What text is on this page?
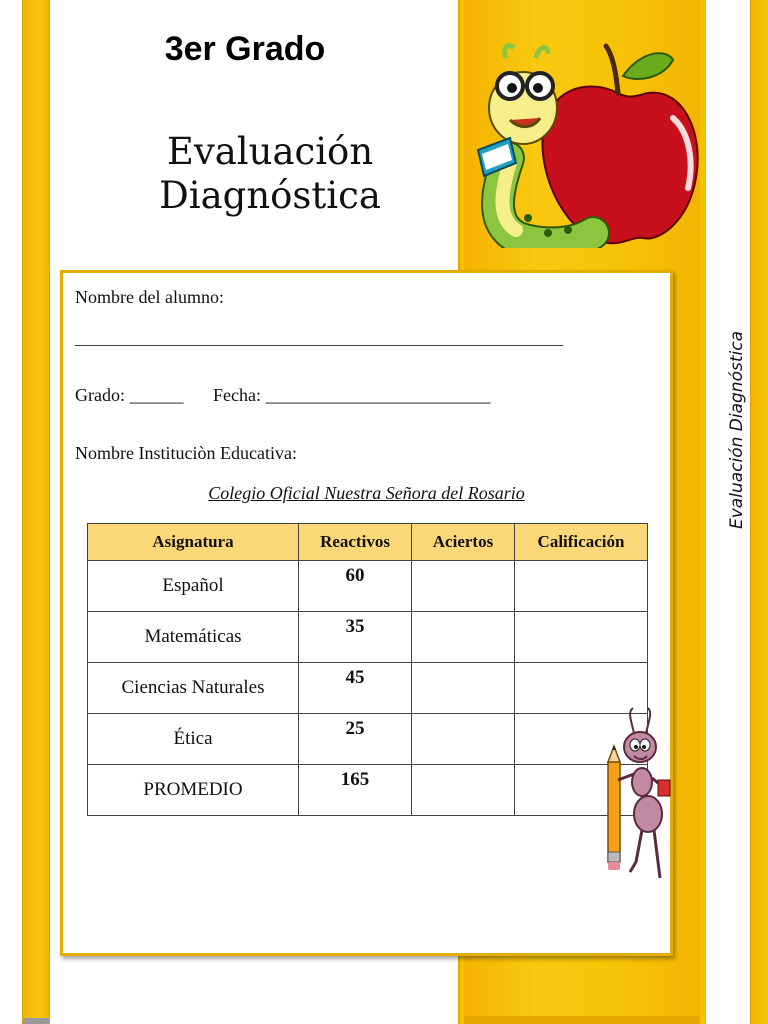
Evaluación Diagnóstica
3er Grado
Evaluación
Diagnóstica
Nombre del alumno:
_____________________________________________________________
Grado: ______ Fecha: _________________________
Nombre Instituciòn Educativa:
Colegio Oficial Nuestra Señora del Rosario
Asignatura	Reactivos	Aciertos	Calificación
Español	60		
Matemáticas	35		
Ciencias Naturales	45		
Ética	25		
PROMEDIO	165		
